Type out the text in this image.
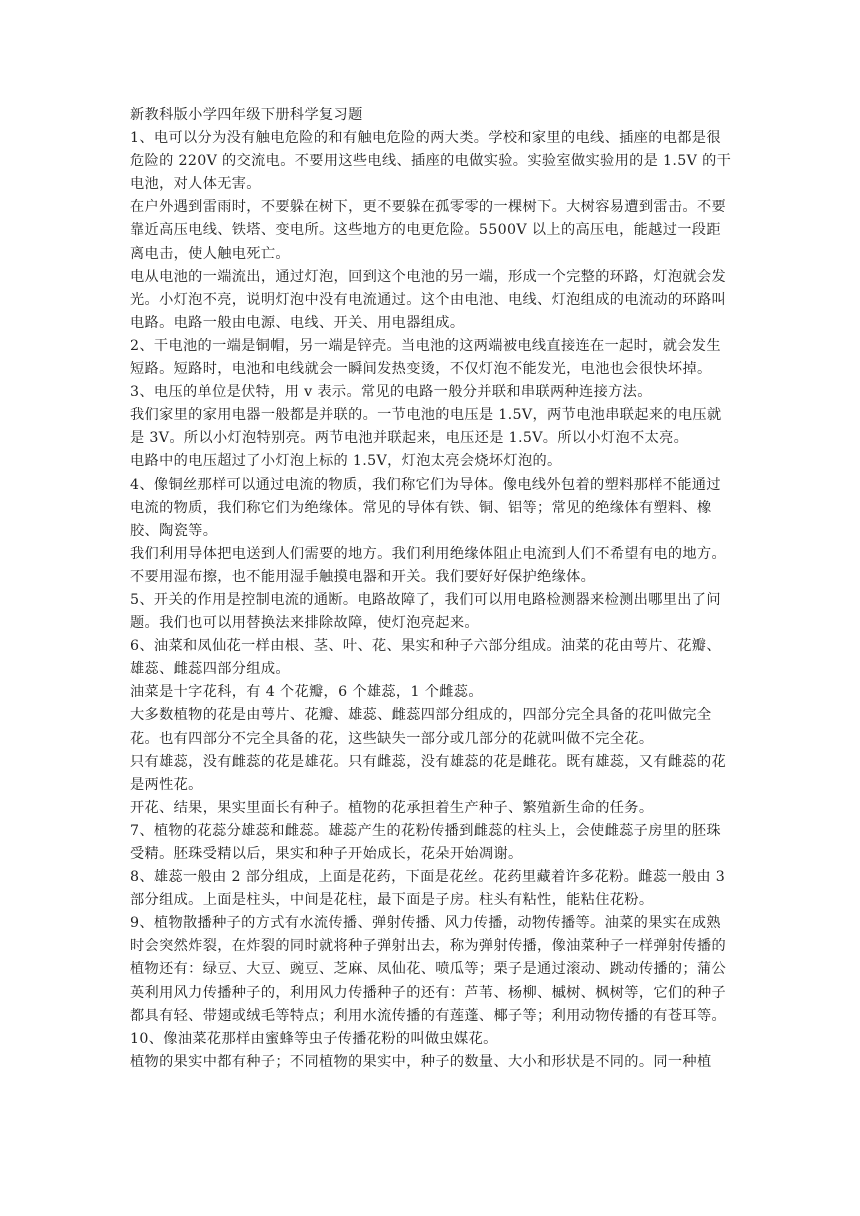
新教科版小学四年级下册科学复习题

1、电可以分为没有触电危险的和有触电危险的两大类。学校和家里的电线、插座的电都是很危险的 220V 的交流电。不要用这些电线、插座的电做实验。实验室做实验用的是 1.5V 的干电池，对人体无害。

在户外遇到雷雨时，不要躲在树下，更不要躲在孤零零的一棵树下。大树容易遭到雷击。不要靠近高压电线、铁塔、变电所。这些地方的电更危险。5500V 以上的高压电，能越过一段距离电击，使人触电死亡。

电从电池的一端流出，通过灯泡，回到这个电池的另一端，形成一个完整的环路，灯泡就会发光。小灯泡不亮，说明灯泡中没有电流通过。这个由电池、电线、灯泡组成的电流动的环路叫电路。电路一般由电源、电线、开关、用电器组成。

2、干电池的一端是铜帽，另一端是锌壳。当电池的这两端被电线直接连在一起时，就会发生短路。短路时，电池和电线就会一瞬间发热变烫，不仅灯泡不能发光，电池也会很快坏掉。

3、电压的单位是伏特，用 v 表示。常见的电路一般分并联和串联两种连接方法。

我们家里的家用电器一般都是并联的。一节电池的电压是 1.5V，两节电池串联起来的电压就是 3V。所以小灯泡特别亮。两节电池并联起来，电压还是 1.5V。所以小灯泡不太亮。

电路中的电压超过了小灯泡上标的 1.5V，灯泡太亮会烧坏灯泡的。

4、像铜丝那样可以通过电流的物质，我们称它们为导体。像电线外包着的塑料那样不能通过电流的物质，我们称它们为绝缘体。常见的导体有铁、铜、铝等；常见的绝缘体有塑料、橡胶、陶瓷等。

我们利用导体把电送到人们需要的地方。我们利用绝缘体阻止电流到人们不希望有电的地方。

不要用湿布擦，也不能用湿手触摸电器和开关。我们要好好保护绝缘体。

5、开关的作用是控制电流的通断。电路故障了，我们可以用电路检测器来检测出哪里出了问题。我们也可以用替换法来排除故障，使灯泡亮起来。

6、油菜和凤仙花一样由根、茎、叶、花、果实和种子六部分组成。油菜的花由萼片、花瓣、雄蕊、雌蕊四部分组成。

油菜是十字花科，有 4 个花瓣，6 个雄蕊，1 个雌蕊。

大多数植物的花是由萼片、花瓣、雄蕊、雌蕊四部分组成的，四部分完全具备的花叫做完全花。也有四部分不完全具备的花，这些缺失一部分或几部分的花就叫做不完全花。

只有雄蕊，没有雌蕊的花是雄花。只有雌蕊，没有雄蕊的花是雌花。既有雄蕊，又有雌蕊的花是两性花。

开花、结果，果实里面长有种子。植物的花承担着生产种子、繁殖新生命的任务。

7、植物的花蕊分雄蕊和雌蕊。雄蕊产生的花粉传播到雌蕊的柱头上，会使雌蕊子房里的胚珠受精。胚珠受精以后，果实和种子开始成长，花朵开始凋谢。

8、雄蕊一般由 2 部分组成，上面是花药，下面是花丝。花药里藏着许多花粉。雌蕊一般由 3 部分组成。上面是柱头，中间是花柱，最下面是子房。柱头有粘性，能粘住花粉。

9、植物散播种子的方式有水流传播、弹射传播、风力传播，动物传播等。油菜的果实在成熟时会突然炸裂，在炸裂的同时就将种子弹射出去，称为弹射传播，像油菜种子一样弹射传播的植物还有：绿豆、大豆、豌豆、芝麻、凤仙花、喷瓜等；栗子是通过滚动、跳动传播的；蒲公英利用风力传播种子的，利用风力传播种子的还有：芦苇、杨柳、槭树、枫树等，它们的种子都具有轻、带翅或绒毛等特点；利用水流传播的有莲蓬、椰子等；利用动物传播的有苍耳等。

10、像油菜花那样由蜜蜂等虫子传播花粉的叫做虫媒花。

植物的果实中都有种子；不同植物的果实中，种子的数量、大小和形状是不同的。同一种植
